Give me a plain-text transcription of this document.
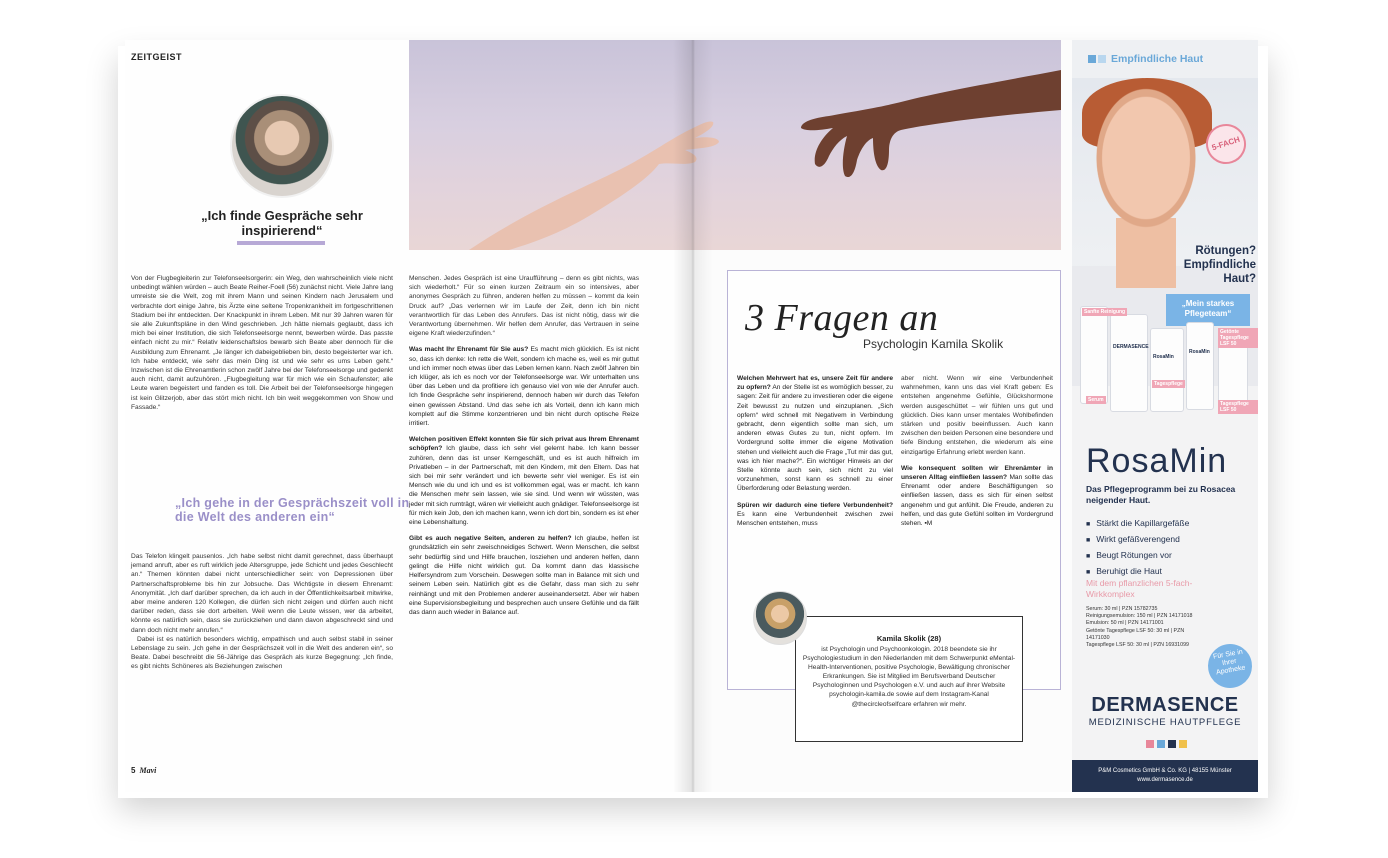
ZEITGEIST
„Ich finde Gespräche sehr inspirierend“

Von der Flugbegleiterin zur Telefonseelsorgerin: ein Weg, den wahrscheinlich viele nicht unbedingt wählen würden – auch Beate Reiher-Foell (56) zunächst nicht. Viele Jahre lang umreiste sie die Welt, zog mit ihrem Mann und seinen Kindern nach Jerusalem und verbrachte dort einige Jahre, bis Ärzte eine seltene Tropenkrankheit im fortgeschrittenen Stadium bei ihr entdeckten. Der Knackpunkt in ihrem Leben. Mit nur 39 Jahren waren für sie alle Zukunftspläne in den Wind geschrieben. „Ich hätte niemals geglaubt, dass ich mich bei einer Institution, die sich Telefonseelsorge nennt, bewerben würde. Das passte einfach nicht zu mir.“ Relativ leidenschaftslos bewarb sich Beate aber dennoch für die Ausbildung zum Ehrenamt. „Je länger ich dabeigeblieben bin, desto begeisterter war ich. Ich habe entdeckt, wie sehr das mein Ding ist und wie sehr es ums Leben geht.“ Inzwischen ist die Ehrenamtlerin schon zwölf Jahre bei der Telefonseelsorge und gedenkt auch nicht, damit aufzuhören. „Flugbegleitung war für mich wie ein Schaufenster; alle Leute waren begeistert und fanden es toll. Die Arbeit bei der Telefonseelsorge hingegen ist kein Glitzerjob, aber das stört mich nicht. Ich bin weit weggekommen von Show und Fassade.“

„Ich gehe in der Gesprächszeit voll in die Welt des anderen ein“

Das Telefon klingelt pausenlos. „Ich habe selbst nicht damit gerechnet, dass überhaupt jemand anruft, aber es ruft wirklich jede Altersgruppe, jede Schicht und jedes Geschlecht an.“ Themen könnten dabei nicht unterschiedlicher sein: von Depressionen über Partnerschaftsprobleme bis hin zur Jobsuche. Das Wichtigste in diesem Ehrenamt: Anonymität. „Ich darf darüber sprechen, da ich auch in der Öffentlichkeitsarbeit mitwirke, aber meine anderen 120 Kollegen, die dürfen sich nicht zeigen und dürfen auch nicht darüber reden, dass sie dort arbeiten. Weil wenn die Leute wissen, wer da arbeitet, könnte es natürlich sein, dass sie zurückziehen und dann davon abgeschreckt sind und dann doch nicht mehr anrufen.“

Dabei ist es natürlich besonders wichtig, empathisch und auch selbst stabil in seiner Lebenslage zu sein. „Ich gehe in der Gesprächszeit voll in die Welt des anderen ein“, so Beate. Dabei beschreibt die 56-Jährige das Gespräch als kurze Begegnung: „Ich finde, es gibt nichts Schöneres als Beziehungen zwischen

Menschen. Jedes Gespräch ist eine Uraufführung – denn es gibt nichts, was sich wiederholt.“ Für so einen kurzen Zeitraum ein so intensives, aber anonymes Gespräch zu führen, anderen helfen zu müssen – kommt da kein Druck auf? „Das verlernen wir im Laufe der Zeit, denn ich bin nicht verantwortlich für das Leben des Anrufers. Das ist nicht nötig, dass wir die Verantwortung übernehmen. Wir helfen dem Anrufer, das Vertrauen in seine eigene Kraft wiederzufinden.“

Was macht Ihr Ehrenamt für Sie aus? Es macht mich glücklich. Es ist nicht so, dass ich denke: Ich rette die Welt, sondern ich mache es, weil es mir guttut und ich immer noch etwas über das Leben lernen kann. Nach zwölf Jahren bin ich klüger, als ich es noch vor der Telefonseelsorge war. Wir unterhalten uns über das Leben und da profitiere ich genauso viel von wie der Anrufer auch. Ich finde Gespräche sehr inspirierend, dennoch haben wir durch das Telefon einen gewissen Abstand. Und das sehe ich als Vorteil, denn ich kann mich komplett auf die Stimme konzentrieren und bin nicht durch optische Reize irritiert.

Welchen positiven Effekt konnten Sie für sich privat aus Ihrem Ehrenamt schöpfen? Ich glaube, dass ich sehr viel gelernt habe. Ich kann besser zuhören, denn das ist unser Kerngeschäft, und es ist auch hilfreich im Privatleben – in der Partnerschaft, mit den Kindern, mit den Eltern. Das hat sich bei mir sehr verändert und ich bewerte sehr viel weniger. Es ist ein Mensch wie du und ich und es ist vollkommen egal, was er macht. Ich kann die Menschen mehr sein lassen, wie sie sind. Und wenn wir wüssten, was jeder mit sich rumträgt, wären wir vielleicht auch gnädiger. Telefonseelsorge ist für mich kein Job, den ich machen kann, wenn ich dort bin, sondern es ist eher eine Lebenshaltung.

Gibt es auch negative Seiten, anderen zu helfen? Ich glaube, helfen ist grundsätzlich ein sehr zweischneidiges Schwert. Wenn Menschen, die selbst sehr bedürftig sind und Hilfe brauchen, losziehen und anderen helfen, dann gelingt die Hilfe nicht wirklich gut. Da kommt dann das klassische Helfersyndrom zum Vorschein. Deswegen sollte man in Balance mit sich und seinem Leben sein. Natürlich gibt es die Gefahr, dass man sich zu sehr reinhängt und mit den Problemen anderer auseinandersetzt. Aber wir haben eine Supervisionsbegleitung und besprechen auch unsere Gefühle und da fällt das dann auch wieder in Balance auf.

5 Mavi
3 Fragen an
Psychologin Kamila Skolik

Welchen Mehrwert hat es, unsere Zeit für andere zu opfern? An der Stelle ist es womöglich besser, zu sagen: Zeit für andere zu investieren oder die eigene Zeit bewusst zu nutzen und einzuplanen. „Sich opfern“ wird schnell mit Negativem in Verbindung gebracht, denn eigentlich sollte man sich, um anderen etwas Gutes zu tun, nicht opfern. Im Vordergrund sollte immer die eigene Motivation stehen und vielleicht auch die Frage „Tut mir das gut, was ich hier mache?“. Ein wichtiger Hinweis an der Stelle könnte auch sein, sich nicht zu viel vorzunehmen, sonst kann es schnell zu einer Überforderung oder Belastung werden.

Spüren wir dadurch eine tiefere Verbundenheit? Es kann eine Verbundenheit zwischen zwei Menschen entstehen, muss

aber nicht. Wenn wir eine Verbundenheit wahrnehmen, kann uns das viel Kraft geben: Es entstehen angenehme Gefühle, Glückshormone werden ausgeschüttet – wir fühlen uns gut und glücklich. Dies kann unser mentales Wohlbefinden stärken und positiv beeinflussen. Auch kann zwischen den beiden Personen eine besondere und tiefe Bindung entstehen, die wiederum als eine einzigartige Erfahrung erlebt werden kann.

Wie konsequent sollten wir Ehrenämter in unseren Alltag einfließen lassen? Man sollte das Ehrenamt oder andere Beschäftigungen so einfließen lassen, dass es sich für einen selbst angenehm und gut anfühlt. Die Freude, anderen zu helfen, und das gute Gefühl sollten im Vordergrund stehen. ▪M

Kamila Skolik (28)
ist Psychologin und Psychoonkologin. 2018 beendete sie ihr Psychologiestudium in den Niederlanden mit dem Schwerpunkt eMental-Health-Interventionen, positive Psychologie, Bewältigung chronischer Erkrankungen. Sie ist Mitglied im Berufsverband Deutscher Psychologinnen und Psychologen e.V. und auch auf ihrer Website psychologin-kamila.de sowie auf dem Instagram-Kanal @thecircleofselfcare erfahren wir mehr.
Empfindliche Haut
5-FACH
Rötungen? Empfindliche Haut?
„Mein starkes Pflegeteam“
DERMASENCE
RosaMin
RosaMin
Sanfte Reinigung
Getönte Tagespflege LSF 50
Tagespflege
Serum
Tagespflege LSF 50
RosaMin
Das Pflegeprogramm bei zu Rosacea neigender Haut.
■ Stärkt die Kapillargefäße
■ Wirkt gefäßverengend
■ Beugt Rötungen vor
■ Beruhigt die Haut
Mit dem pflanzlichen 5-fach-Wirkkomplex
Serum: 30 ml | PZN 15782735
Reinigungsemulsion: 150 ml | PZN 14171018
Emulsion: 50 ml | PZN 14171001
Getönte Tagespflege LSF 50: 30 ml | PZN 14171030
Tagespflege LSF 50: 30 ml | PZN 16931099
Für Sie in Ihrer Apotheke
DERMASENCE
MEDIZINISCHE HAUTPFLEGE
P&M Cosmetics GmbH & Co. KG | 48155 Münster
www.dermasence.de
